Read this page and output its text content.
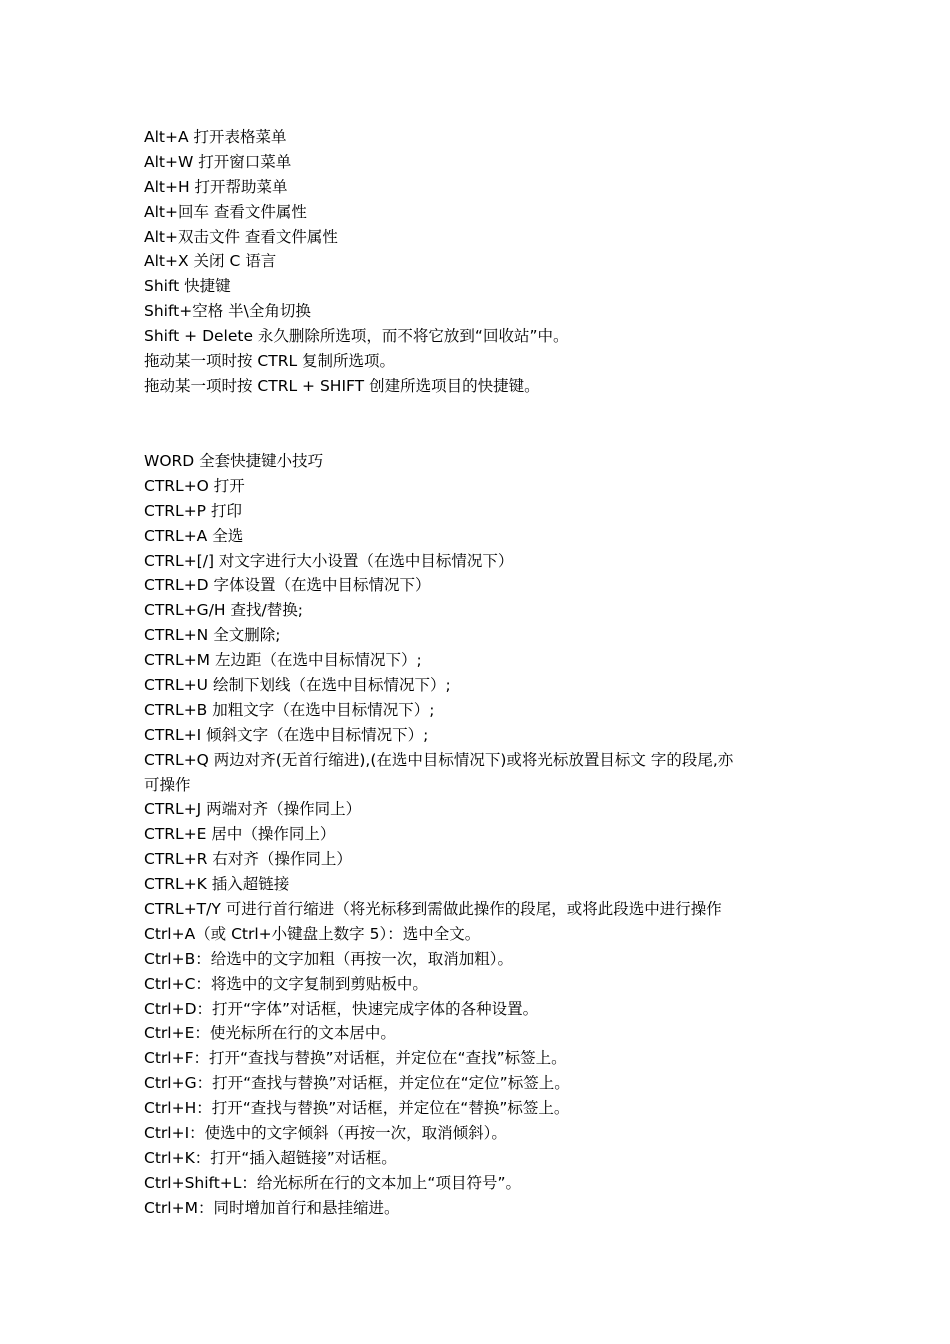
Alt+A 打开表格菜单
Alt+W 打开窗口菜单
Alt+H 打开帮助菜单
Alt+回车 查看文件属性
Alt+双击文件 查看文件属性
Alt+X 关闭 C 语言
Shift 快捷键
Shift+空格 半\全角切换
Shift + Delete 永久删除所选项，而不将它放到“回收站”中。
拖动某一项时按 CTRL 复制所选项。
拖动某一项时按 CTRL + SHIFT 创建所选项目的快捷键。
WORD 全套快捷键小技巧
CTRL+O 打开
CTRL+P 打印
CTRL+A 全选
CTRL+[/] 对文字进行大小设置（在选中目标情况下）
CTRL+D 字体设置（在选中目标情况下）
CTRL+G/H 查找/替换;
CTRL+N 全文删除;
CTRL+M 左边距（在选中目标情况下）;
CTRL+U 绘制下划线（在选中目标情况下）;
CTRL+B 加粗文字（在选中目标情况下）;
CTRL+I 倾斜文字（在选中目标情况下）;
CTRL+Q 两边对齐(无首行缩进),(在选中目标情况下)或将光标放置目标文 字的段尾,亦
可操作
CTRL+J 两端对齐（操作同上）
CTRL+E 居中（操作同上）
CTRL+R 右对齐（操作同上）
CTRL+K 插入超链接
CTRL+T/Y 可进行首行缩进（将光标移到需做此操作的段尾，或将此段选中进行操作
Ctrl+A（或 Ctrl+小键盘上数字 5）：选中全文。
Ctrl+B：给选中的文字加粗（再按一次，取消加粗）。
Ctrl+C：将选中的文字复制到剪贴板中。
Ctrl+D：打开“字体”对话框，快速完成字体的各种设置。
Ctrl+E：使光标所在行的文本居中。
Ctrl+F：打开“查找与替换”对话框，并定位在“查找”标签上。
Ctrl+G：打开“查找与替换”对话框，并定位在“定位”标签上。
Ctrl+H：打开“查找与替换”对话框，并定位在“替换”标签上。
Ctrl+I：使选中的文字倾斜（再按一次，取消倾斜）。
Ctrl+K：打开“插入超链接”对话框。
Ctrl+Shift+L：给光标所在行的文本加上“项目符号”。
Ctrl+M：同时增加首行和悬挂缩进。
